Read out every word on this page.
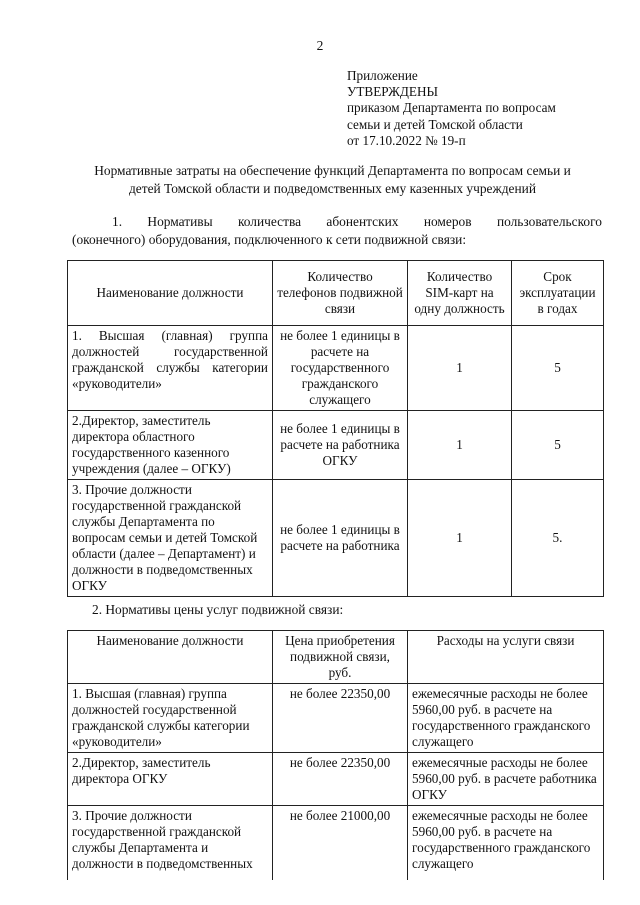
2
Приложение
УТВЕРЖДЕНЫ
приказом Департамента по вопросам
семьи и детей Томской области
от 17.10.2022 № 19-п
Нормативные затраты на обеспечение функций Департамента по вопросам семьи и
детей Томской области и подведомственных ему казенных учреждений
1. Нормативы количества абонентских номеров пользовательского
(оконечного) оборудования, подключенного к сети подвижной связи:
Наименование должности	Количество телефонов подвижной связи	Количество SIM-карт на одну должность	Срок эксплуатации в годах
1. Высшая (главная) группа должностей государственной гражданской службы категории «руководители»	не более 1 единицы в расчете на государственного гражданского служащего	1	5
2.Директор, заместитель директора областного государственного казенного учреждения (далее – ОГКУ)	не более 1 единицы в расчете на работника ОГКУ	1	5
3. Прочие должности государственной гражданской службы Департамента по вопросам семьи и детей Томской области (далее – Департамент) и должности в подведомственных ОГКУ	не более 1 единицы в расчете на работника	1	5.
2. Нормативы цены услуг подвижной связи:
Наименование должности	Цена приобретения подвижной связи, руб.	Расходы на услуги связи
1. Высшая (главная) группа должностей государственной гражданской службы категории «руководители»	не более 22350,00	ежемесячные расходы не более 5960,00 руб. в расчете на государственного гражданского служащего
2.Директор, заместитель директора ОГКУ	не более 22350,00	ежемесячные расходы не более 5960,00 руб. в расчете работника ОГКУ
3. Прочие должности государственной гражданской службы Департамента и должности в подведомственных	не более 21000,00	ежемесячные расходы не более 5960,00 руб. в расчете на государственного гражданского служащего
